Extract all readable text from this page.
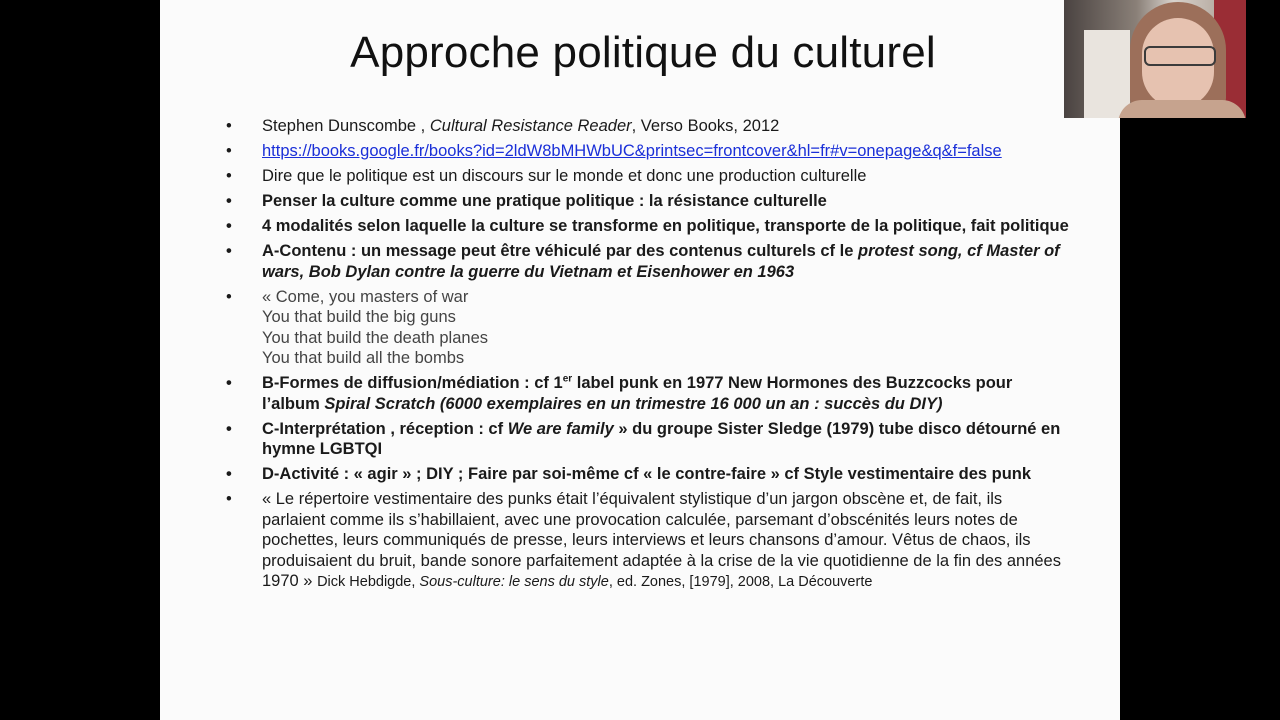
Approche politique du culturel
• Stephen Dunscombe , Cultural Resistance Reader, Verso Books, 2012
• https://books.google.fr/books?id=2ldW8bMHWbUC&printsec=frontcover&hl=fr#v=onepage&q&f=false
• Dire que le politique est un discours sur le monde et donc une production culturelle
• Penser la culture comme une pratique politique : la résistance culturelle
• 4 modalités selon laquelle la culture se transforme en politique, transporte de la politique, fait politique
• A-Contenu : un message peut être véhiculé par des contenus culturels cf le protest song, cf Master of wars, Bob Dylan contre la guerre du Vietnam et Eisenhower en 1963
• « Come, you masters of war
You that build the big guns
You that build the death planes
You that build all the bombs
• B-Formes de diffusion/médiation : cf 1er label punk en 1977 New Hormones des Buzzcocks pour l’album Spiral Scratch (6000 exemplaires en un trimestre 16 000 un an : succès du DIY)
• C-Interprétation , réception : cf We are family » du groupe Sister Sledge (1979) tube disco détourné en hymne LGBTQI
• D-Activité : « agir » ; DIY ; Faire par soi-même cf « le contre-faire » cf Style vestimentaire des punk
• « Le répertoire vestimentaire des punks était l’équivalent stylistique d’un jargon obscène et, de fait, ils parlaient comme ils s’habillaient, avec une provocation calculée, parsemant d’obscénités leurs notes de pochettes, leurs communiqués de presse, leurs interviews et leurs chansons d’amour. Vêtus de chaos, ils produisaient du bruit, bande sonore parfaitement adaptée à la crise de la vie quotidienne de la fin des années 1970 » Dick Hebdigde, Sous-culture: le sens du style, ed. Zones, [1979], 2008, La Découverte
